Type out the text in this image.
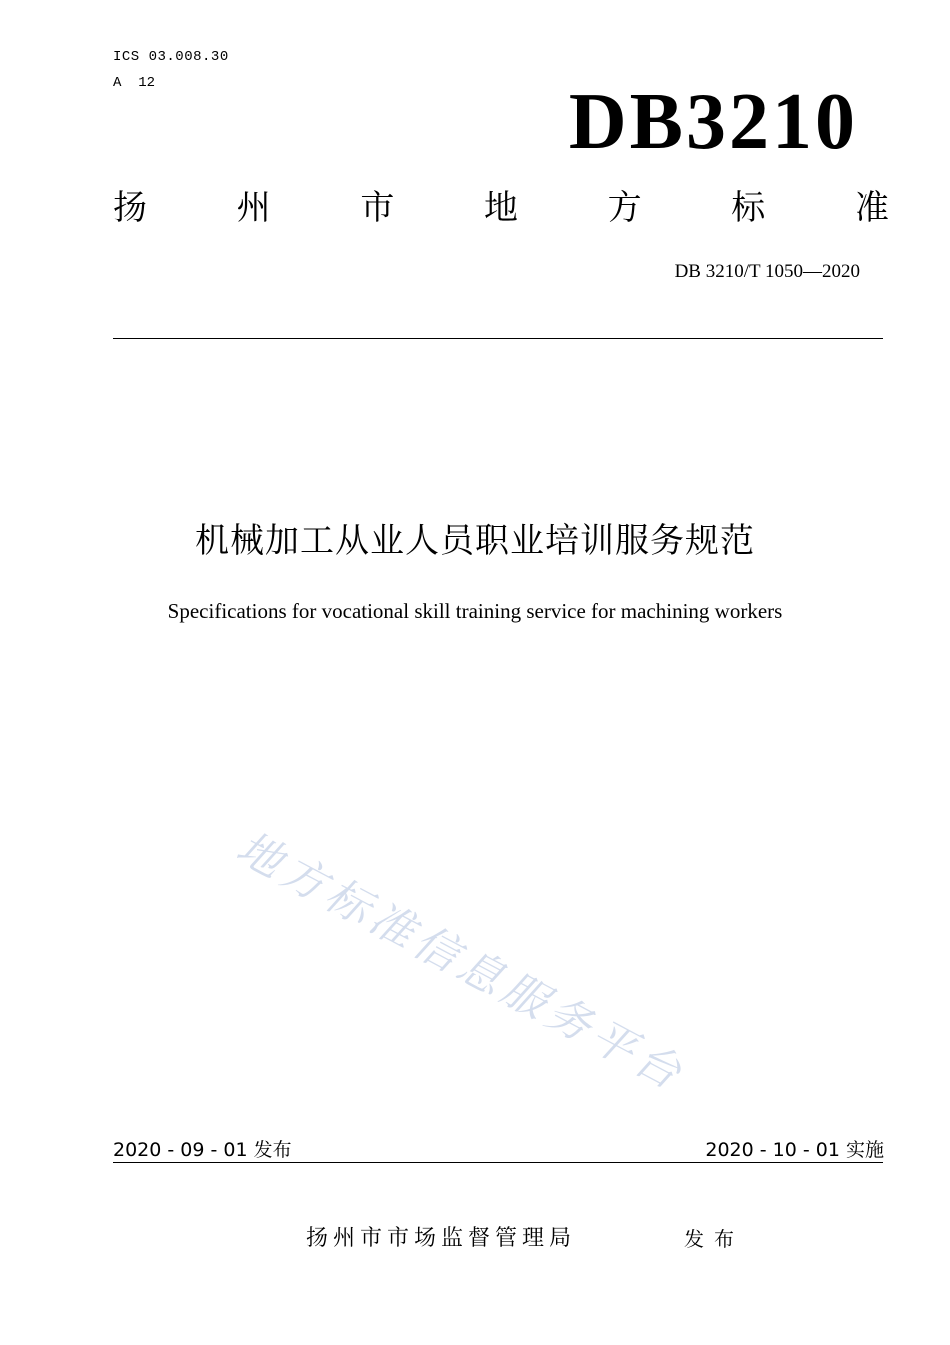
ICS 03.008.30
A  12	DB3210
扬	州	市	地	方	标	准
DB 3210/T 1050—2020
机械加工从业人员职业培训服务规范
Specifications for vocational skill training service for machining workers
地方标准信息服务平台
2020 - 09 - 01 发布	2020 - 10 - 01 实施
扬州市市场监督管理局	发布
